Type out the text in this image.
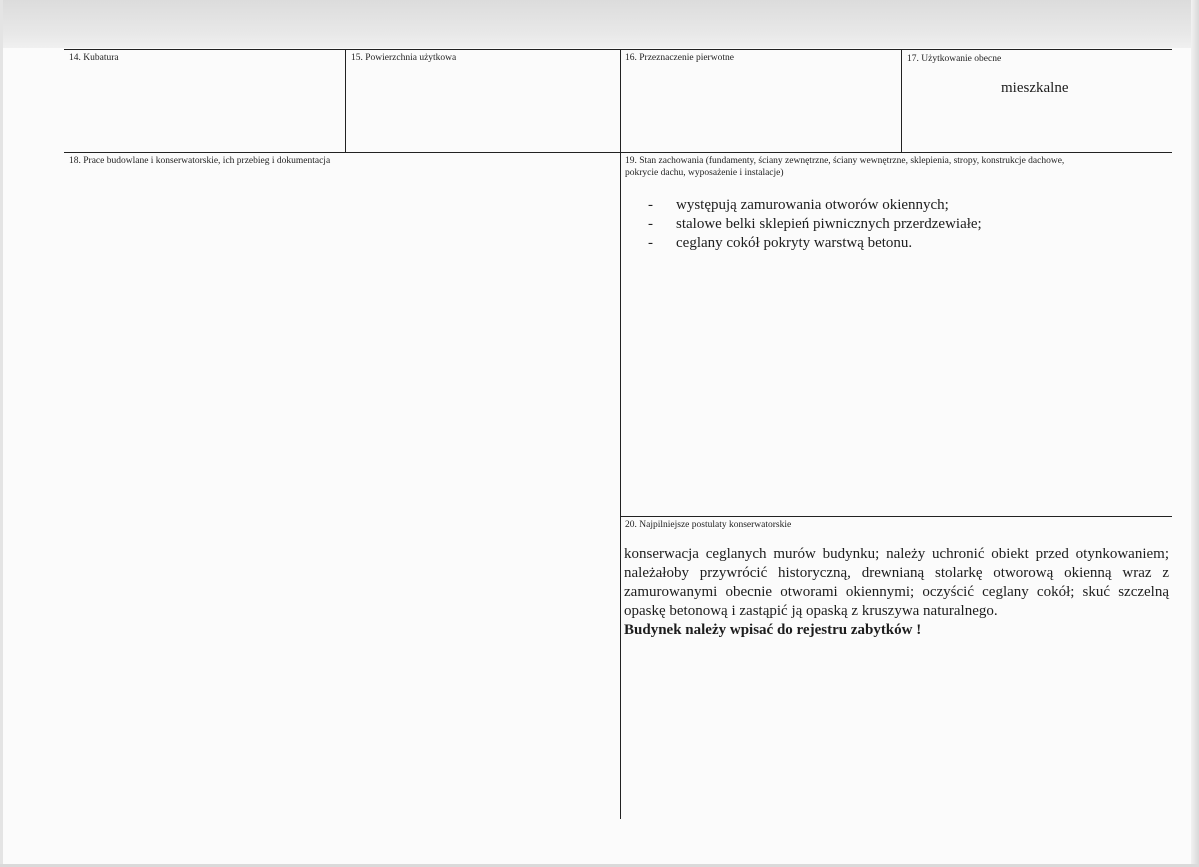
14. Kubatura	15. Powierzchnia użytkowa	16. Przeznaczenie pierwotne	17. Użytkowanie obecne
mieszkalne
18. Prace budowlane i konserwatorskie, ich przebieg i dokumentacja	19. Stan zachowania (fundamenty, ściany zewnętrzne, ściany wewnętrzne, sklepienia, stropy, konstrukcje dachowe,
pokrycie dachu, wyposażenie i instalacje)
- występują zamurowania otworów okiennych;
- stalowe belki sklepień piwnicznych przerdzewiałe;
- ceglany cokół pokryty warstwą betonu.
20. Najpilniejsze postulaty konserwatorskie
konserwacja ceglanych murów budynku; należy uchronić obiekt przed otynkowaniem; należałoby przywrócić historyczną, drewnianą stolarkę otworową okienną wraz z zamurowanymi obecnie otworami okiennymi; oczyścić ceglany cokół; skuć szczelną opaskę betonową i zastąpić ją opaską z kruszywa naturalnego.
Budynek należy wpisać do rejestru zabytków !
